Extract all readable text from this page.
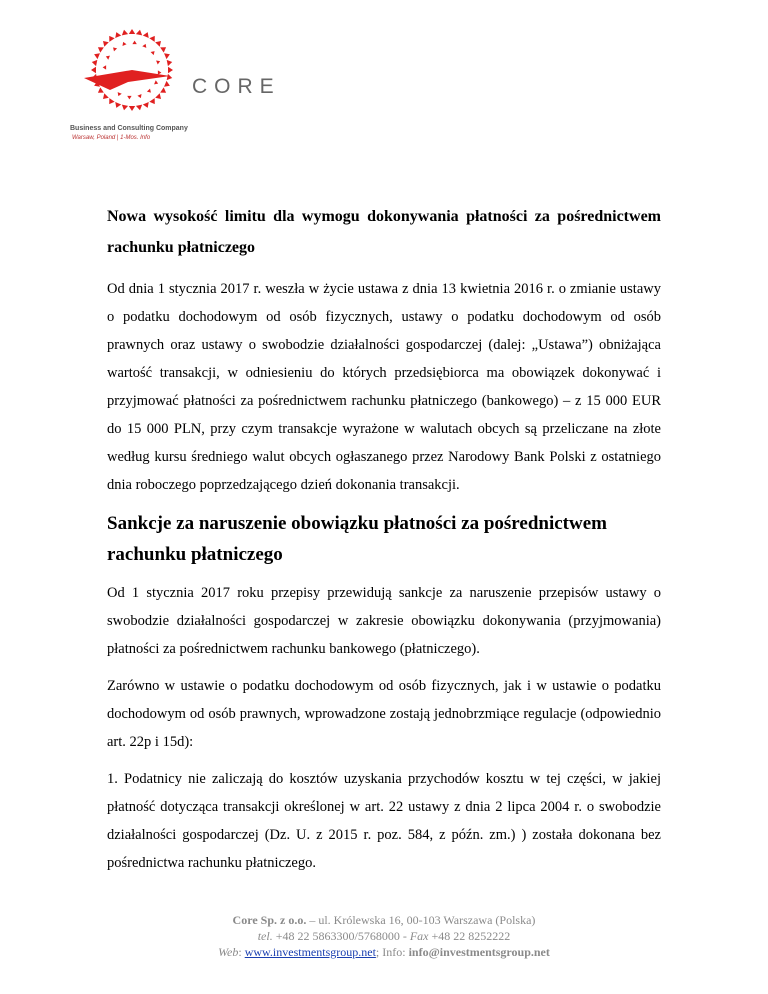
CORE
Business and Consulting Company
Warsaw, Poland | 1-Mos. Info
Nowa wysokość limitu dla wymogu dokonywania płatności za pośrednictwem rachunku płatniczego

Od dnia 1 stycznia 2017 r. weszła w życie ustawa z dnia 13 kwietnia 2016 r. o zmianie ustawy o podatku dochodowym od osób fizycznych, ustawy o podatku dochodowym od osób prawnych oraz ustawy o swobodzie działalności gospodarczej (dalej: „Ustawa”) obniżająca wartość transakcji, w odniesieniu do których przedsiębiorca ma obowiązek dokonywać i przyjmować płatności za pośrednictwem rachunku płatniczego (bankowego) – z 15 000 EUR do 15 000 PLN, przy czym transakcje wyrażone w walutach obcych są przeliczane na złote według kursu średniego walut obcych ogłaszanego przez Narodowy Bank Polski z ostatniego dnia roboczego poprzedzającego dzień dokonania transakcji.

Sankcje za naruszenie obowiązku płatności za pośrednictwem rachunku płatniczego

Od 1 stycznia 2017 roku przepisy przewidują sankcje za naruszenie przepisów ustawy o swobodzie działalności gospodarczej w zakresie obowiązku dokonywania (przyjmowania) płatności za pośrednictwem rachunku bankowego (płatniczego).

Zarówno w ustawie o podatku dochodowym od osób fizycznych, jak i w ustawie o podatku dochodowym od osób prawnych, wprowadzone zostają jednobrzmiące regulacje (odpowiednio art. 22p i 15d):

1. Podatnicy nie zaliczają do kosztów uzyskania przychodów kosztu w tej części, w jakiej płatność dotycząca transakcji określonej w art. 22 ustawy z dnia 2 lipca 2004 r. o swobodzie działalności gospodarczej (Dz. U. z 2015 r. poz. 584, z późn. zm.) ) została dokonana bez pośrednictwa rachunku płatniczego.

Core Sp. z o.o. – ul. Królewska 16, 00-103 Warszawa (Polska)
tel. +48 22 5863300/5768000 - Fax +48 22 8252222
Web: www.investmentsgroup.net; Info: info@investmentsgroup.net
